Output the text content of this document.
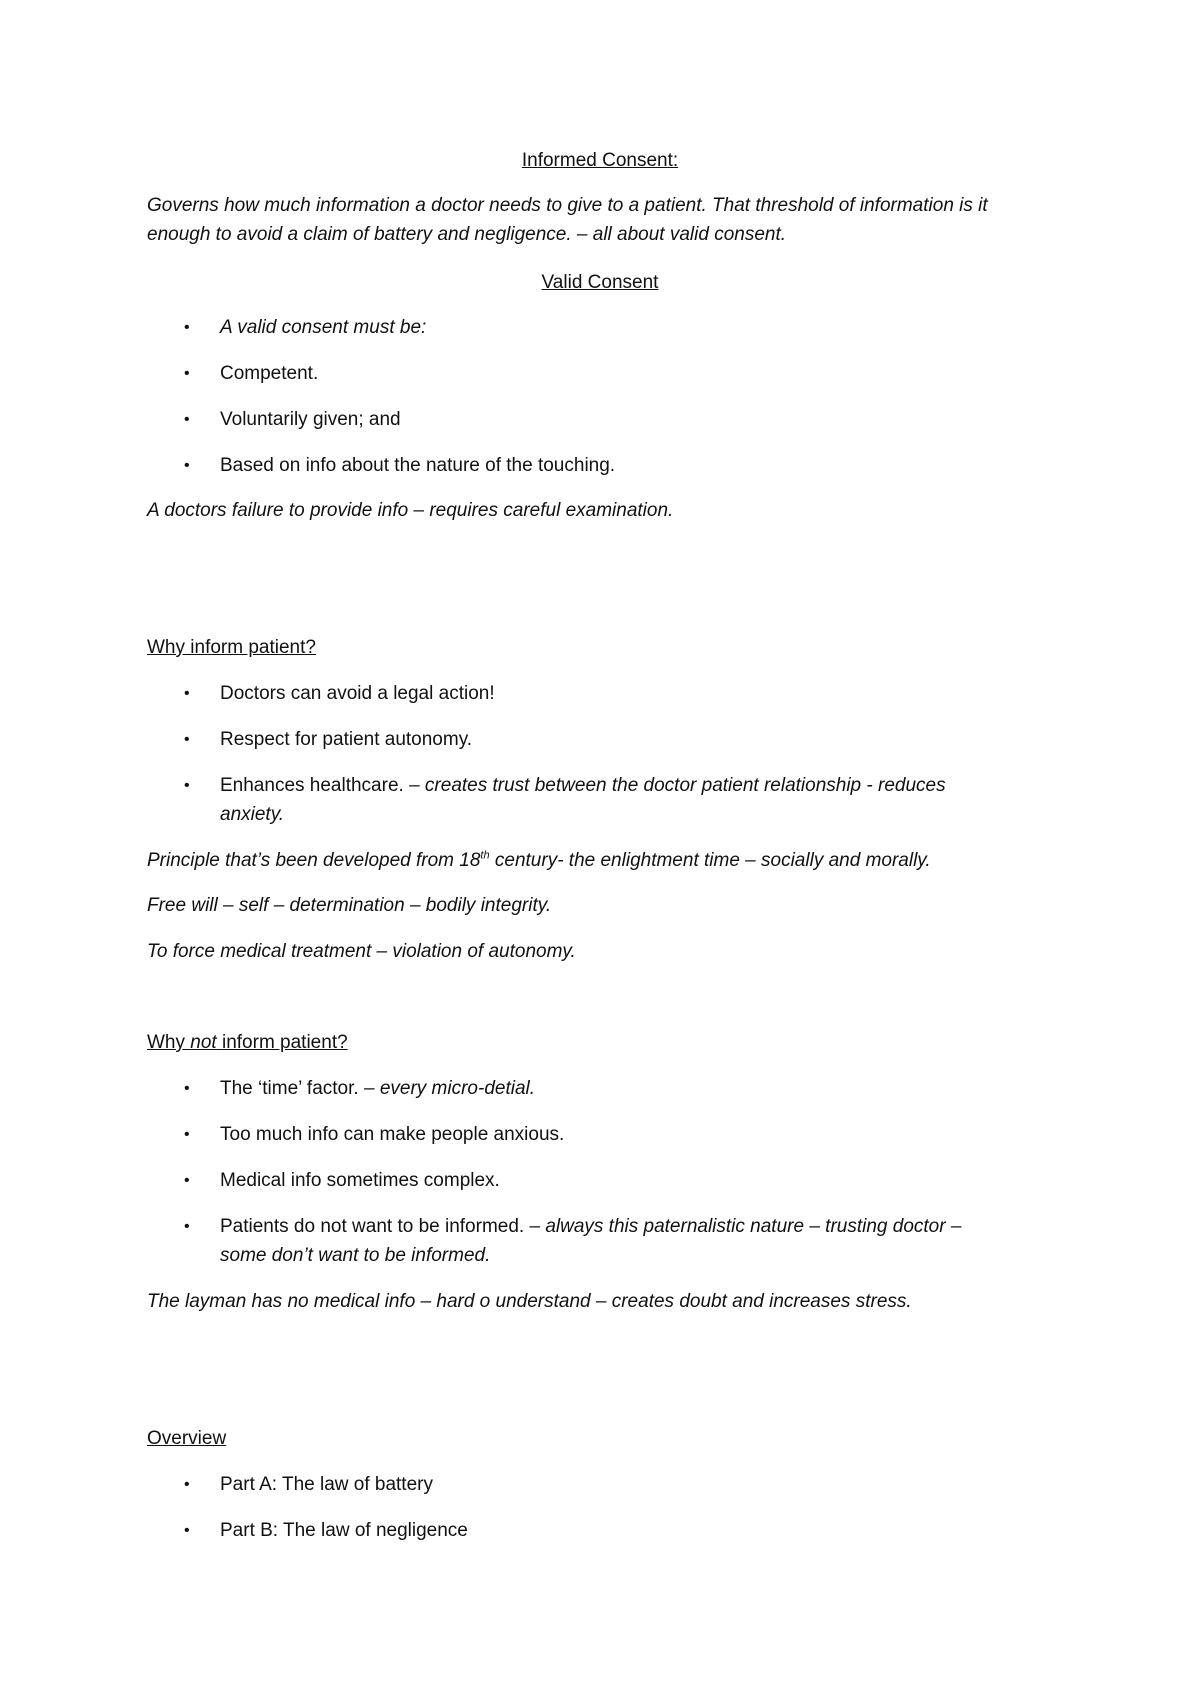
Informed Consent:

Governs how much information a doctor needs to give to a patient. That threshold of information is it

enough to avoid a claim of battery and negligence. – all about valid consent.

Valid Consent

•	A valid consent must be:
•	Competent.
•	Voluntarily given; and
•	Based on info about the nature of the touching.

A doctors failure to provide info – requires careful examination.

Why inform patient?

•	Doctors can avoid a legal action!
•	Respect for patient autonomy.
•	Enhances healthcare. – creates trust between the doctor patient relationship - reduces
anxiety.

Principle that’s been developed from 18th century- the enlightment time – socially and morally.

Free will – self – determination – bodily integrity.

To force medical treatment – violation of autonomy.

Why not inform patient?

•	The ‘time’ factor. – every micro-detial.
•	Too much info can make people anxious.
•	Medical info sometimes complex.
•	Patients do not want to be informed. – always this paternalistic nature – trusting doctor –
some don’t want to be informed.

The layman has no medical info – hard o understand – creates doubt and increases stress.

Overview

•	Part A: The law of battery
•	Part B: The law of negligence
